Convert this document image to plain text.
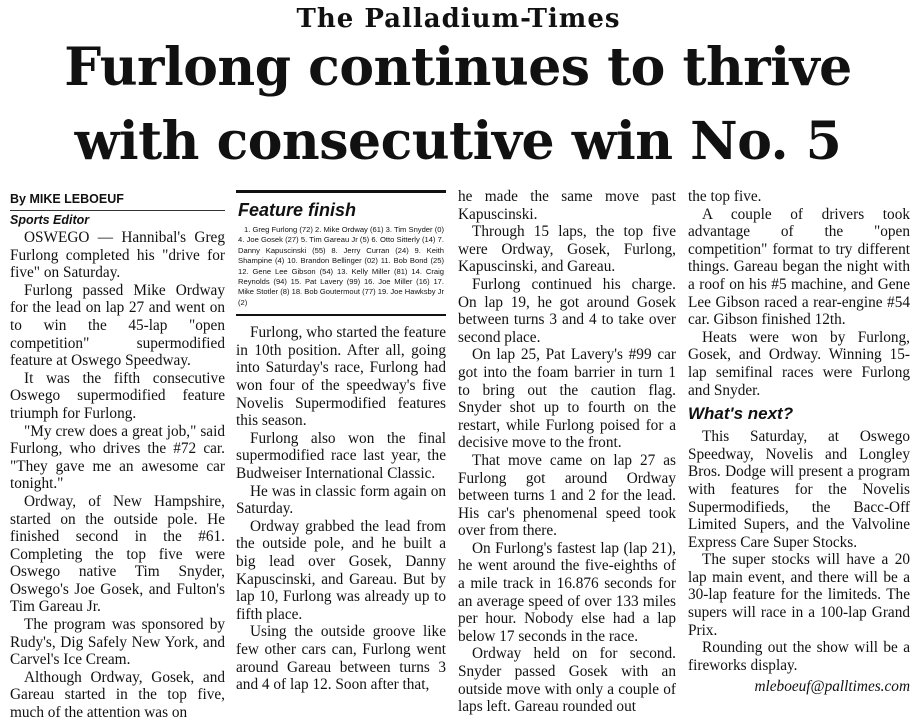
The Palladium-Times
Furlong continues to thrive
with consecutive win No. 5

By MIKE LEBOEUF

Sports Editor

OSWEGO — Hannibal's Greg Furlong completed his "drive for five" on Saturday.

Furlong passed Mike Ordway for the lead on lap 27 and went on to win the 45-lap "open competition" supermodified feature at Oswego Speedway.

It was the fifth consecutive Oswego supermodified feature triumph for Furlong.

"My crew does a great job," said Furlong, who drives the #72 car. "They gave me an awesome car tonight."

Ordway, of New Hampshire, started on the outside pole. He finished second in the #61. Completing the top five were Oswego native Tim Snyder, Oswego's Joe Gosek, and Fulton's Tim Gareau Jr.

The program was sponsored by Rudy's, Dig Safely New York, and Carvel's Ice Cream.

Although Ordway, Gosek, and Gareau started in the top five, much of the attention was on

Feature finish

1. Greg Furlong (72) 2. Mike Ordway (61) 3. Tim Snyder (0) 4. Joe Gosek (27) 5. Tim Gareau Jr (5) 6. Otto Sitterly (14) 7. Danny Kapuscinski (55) 8. Jerry Curran (24) 9. Keith Shampine (4) 10. Brandon Bellinger (02) 11. Bob Bond (25) 12. Gene Lee Gibson (54) 13. Kelly Miller (81) 14. Craig Reynolds (94) 15. Pat Lavery (99) 16. Joe Miller (16) 17. Mike Stotler (8) 18. Bob Goutermout (77) 19. Joe Hawksby Jr (2)

Furlong, who started the feature in 10th position. After all, going into Saturday's race, Furlong had won four of the speedway's five Novelis Supermodified features this season.

Furlong also won the final supermodified race last year, the Budweiser International Classic.

He was in classic form again on Saturday.

Ordway grabbed the lead from the outside pole, and he built a big lead over Gosek, Danny Kapuscinski, and Gareau. But by lap 10, Furlong was already up to fifth place.

Using the outside groove like few other cars can, Furlong went around Gareau between turns 3 and 4 of lap 12. Soon after that,

he made the same move past Kapuscinski.

Through 15 laps, the top five were Ordway, Gosek, Furlong, Kapuscinski, and Gareau.

Furlong continued his charge. On lap 19, he got around Gosek between turns 3 and 4 to take over second place.

On lap 25, Pat Lavery's #99 car got into the foam barrier in turn 1 to bring out the caution flag. Snyder shot up to fourth on the restart, while Furlong poised for a decisive move to the front.

That move came on lap 27 as Furlong got around Ordway between turns 1 and 2 for the lead. His car's phenomenal speed took over from there.

On Furlong's fastest lap (lap 21), he went around the five-eighths of a mile track in 16.876 seconds for an average speed of over 133 miles per hour. Nobody else had a lap below 17 seconds in the race.

Ordway held on for second. Snyder passed Gosek with an outside move with only a couple of laps left. Gareau rounded out

the top five.

A couple of drivers took advantage of the "open competition" format to try different things. Gareau began the night with a roof on his #5 machine, and Gene Lee Gibson raced a rear-engine #54 car. Gibson finished 12th.

Heats were won by Furlong, Gosek, and Ordway. Winning 15-lap semifinal races were Furlong and Snyder.

What's next?

This Saturday, at Oswego Speedway, Novelis and Longley Bros. Dodge will present a program with features for the Novelis Supermodifieds, the Bacc-Off Limited Supers, and the Valvoline Express Care Super Stocks.

The super stocks will have a 20 lap main event, and there will be a 30-lap feature for the limiteds. The supers will race in a 100-lap Grand Prix.

Rounding out the show will be a fireworks display.

mleboeuf@palltimes.com
